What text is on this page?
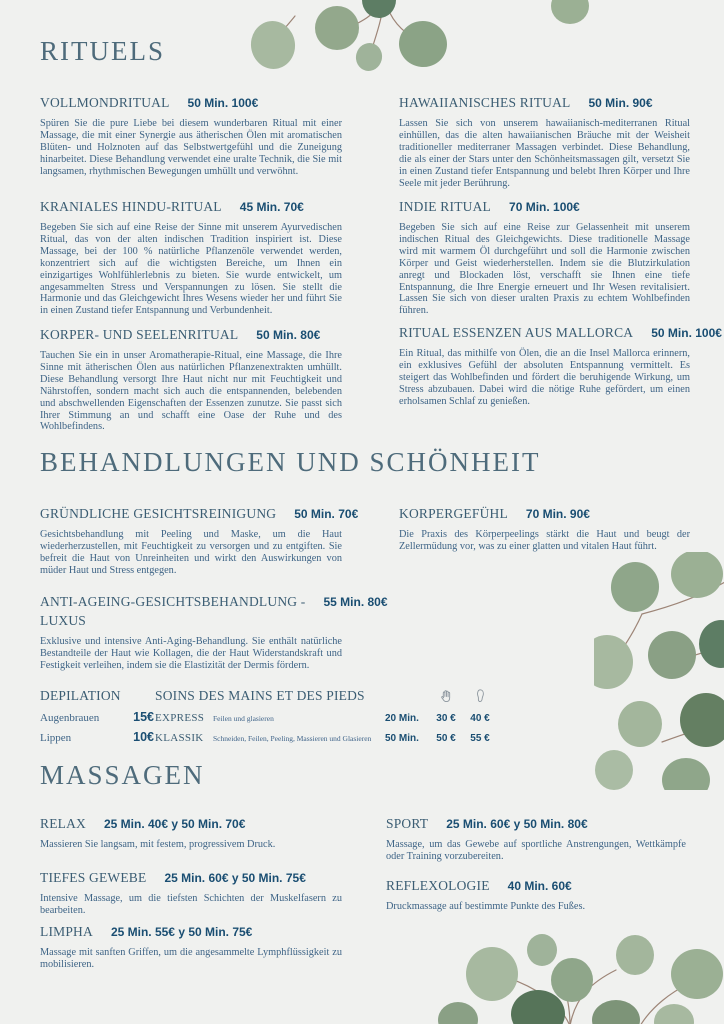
RITUELS
VOLLMONDRITUAL 50 Min. 100€

Spüren Sie die pure Liebe bei diesem wunderbaren Ritual mit einer Massage, die mit einer Synergie aus ätherischen Ölen mit aromatischen Blüten- und Holznoten auf das Selbstwertgefühl und die Zuneigung hinarbeitet. Diese Behandlung verwendet eine uralte Technik, die Sie mit langsamen, rhythmischen Bewegungen umhüllt und verwöhnt.

KRANIALES HINDU-RITUAL 45 Min. 70€

Begeben Sie sich auf eine Reise der Sinne mit unserem Ayurvedischen Ritual, das von der alten indischen Tradition inspiriert ist. Diese Massage, bei der 100 % natürliche Pflanzenöle verwendet werden, konzentriert sich auf die wichtigsten Bereiche, um Ihnen ein einzigartiges Wohlfühlerlebnis zu bieten. Sie wurde entwickelt, um angesammelten Stress und Verspannungen zu lösen. Sie stellt die Harmonie und das Gleichgewicht Ihres Wesens wieder her und führt Sie in einen Zustand tiefer Entspannung und Verbundenheit.

KORPER- UND SEELENRITUAL 50 Min. 80€

Tauchen Sie ein in unser Aromatherapie-Ritual, eine Massage, die Ihre Sinne mit ätherischen Ölen aus natürlichen Pflanzenextrakten umhüllt. Diese Behandlung versorgt Ihre Haut nicht nur mit Feuchtigkeit und Nährstoffen, sondern macht sich auch die entspannenden, belebenden und abschwellenden Eigenschaften der Essenzen zunutze. Sie passt sich Ihrer Stimmung an und schafft eine Oase der Ruhe und des Wohlbefindens.

HAWAIIANISCHES RITUAL 50 Min. 90€

Lassen Sie sich von unserem hawaiianisch-mediterranen Ritual einhüllen, das die alten hawaiianischen Bräuche mit der Weisheit traditioneller mediterraner Massagen verbindet. Diese Behandlung, die als einer der Stars unter den Schönheitsmassagen gilt, versetzt Sie in einen Zustand tiefer Entspannung und belebt Ihren Körper und Ihre Seele mit jeder Berührung.

INDIE RITUAL 70 Min. 100€

Begeben Sie sich auf eine Reise zur Gelassenheit mit unserem indischen Ritual des Gleichgewichts. Diese traditionelle Massage wird mit warmem Öl durchgeführt und soll die Harmonie zwischen Körper und Geist wiederherstellen. Indem sie die Blutzirkulation anregt und Blockaden löst, verschafft sie Ihnen eine tiefe Entspannung, die Ihre Energie erneuert und Ihr Wesen revitalisiert. Lassen Sie sich von dieser uralten Praxis zu echtem Wohlbefinden führen.

RITUAL ESSENZEN AUS MALLORCA 50 Min. 100€

Ein Ritual, das mithilfe von Ölen, die an die Insel Mallorca erinnern, ein exklusives Gefühl der absoluten Entspannung vermittelt. Es steigert das Wohlbefinden und fördert die beruhigende Wirkung, um Stress abzubauen. Dabei wird die nötige Ruhe gefördert, um einen erholsamen Schlaf zu genießen.

BEHANDLUNGEN UND SCHÖNHEIT
GRÜNDLICHE GESICHTSREINIGUNG 50 Min. 70€

Gesichtsbehandlung mit Peeling und Maske, um die Haut wiederherzustellen, mit Feuchtigkeit zu versorgen und zu entgiften. Sie befreit die Haut von Unreinheiten und wirkt den Auswirkungen von müder Haut und Stress entgegen.

ANTI-AGEING-GESICHTSBEHANDLUNG - 55 Min. 80€
LUXUS

Exklusive und intensive Anti-Aging-Behandlung. Sie enthält natürliche Bestandteile der Haut wie Kollagen, die der Haut Widerstandskraft und Festigkeit verleihen, indem sie die Elastizität der Dermis fördern.

KORPERGEFÜHL 70 Min. 90€

Die Praxis des Körperpeelings stärkt die Haut und beugt der Zellermüdung vor, was zu einer glatten und vitalen Haut führt.

DEPILATION
Augenbrauen	15€
Lippen	10€
SOINS DES MAINS ET DES PIEDS
EXPRESS	Feilen und glasieren	20 Min.	30 €	40 €
KLASSIK	Schneiden, Feilen, Peeling, Massieren und Glasieren	50 Min.	50 €	55 €
MASSAGEN
RELAX 25 Min. 40€ y 50 Min. 70€

Massieren Sie langsam, mit festem, progressivem Druck.

TIEFES GEWEBE 25 Min. 60€ y 50 Min. 75€

Intensive Massage, um die tiefsten Schichten der Muskelfasern zu bearbeiten.

LIMPHA 25 Min. 55€ y 50 Min. 75€

Massage mit sanften Griffen, um die angesammelte Lymphflüssigkeit zu mobilisieren.

SPORT 25 Min. 60€ y 50 Min. 80€

Massage, um das Gewebe auf sportliche Anstrengungen, Wettkämpfe oder Training vorzubereiten.

REFLEXOLOGIE 40 Min. 60€

Druckmassage auf bestimmte Punkte des Fußes.
